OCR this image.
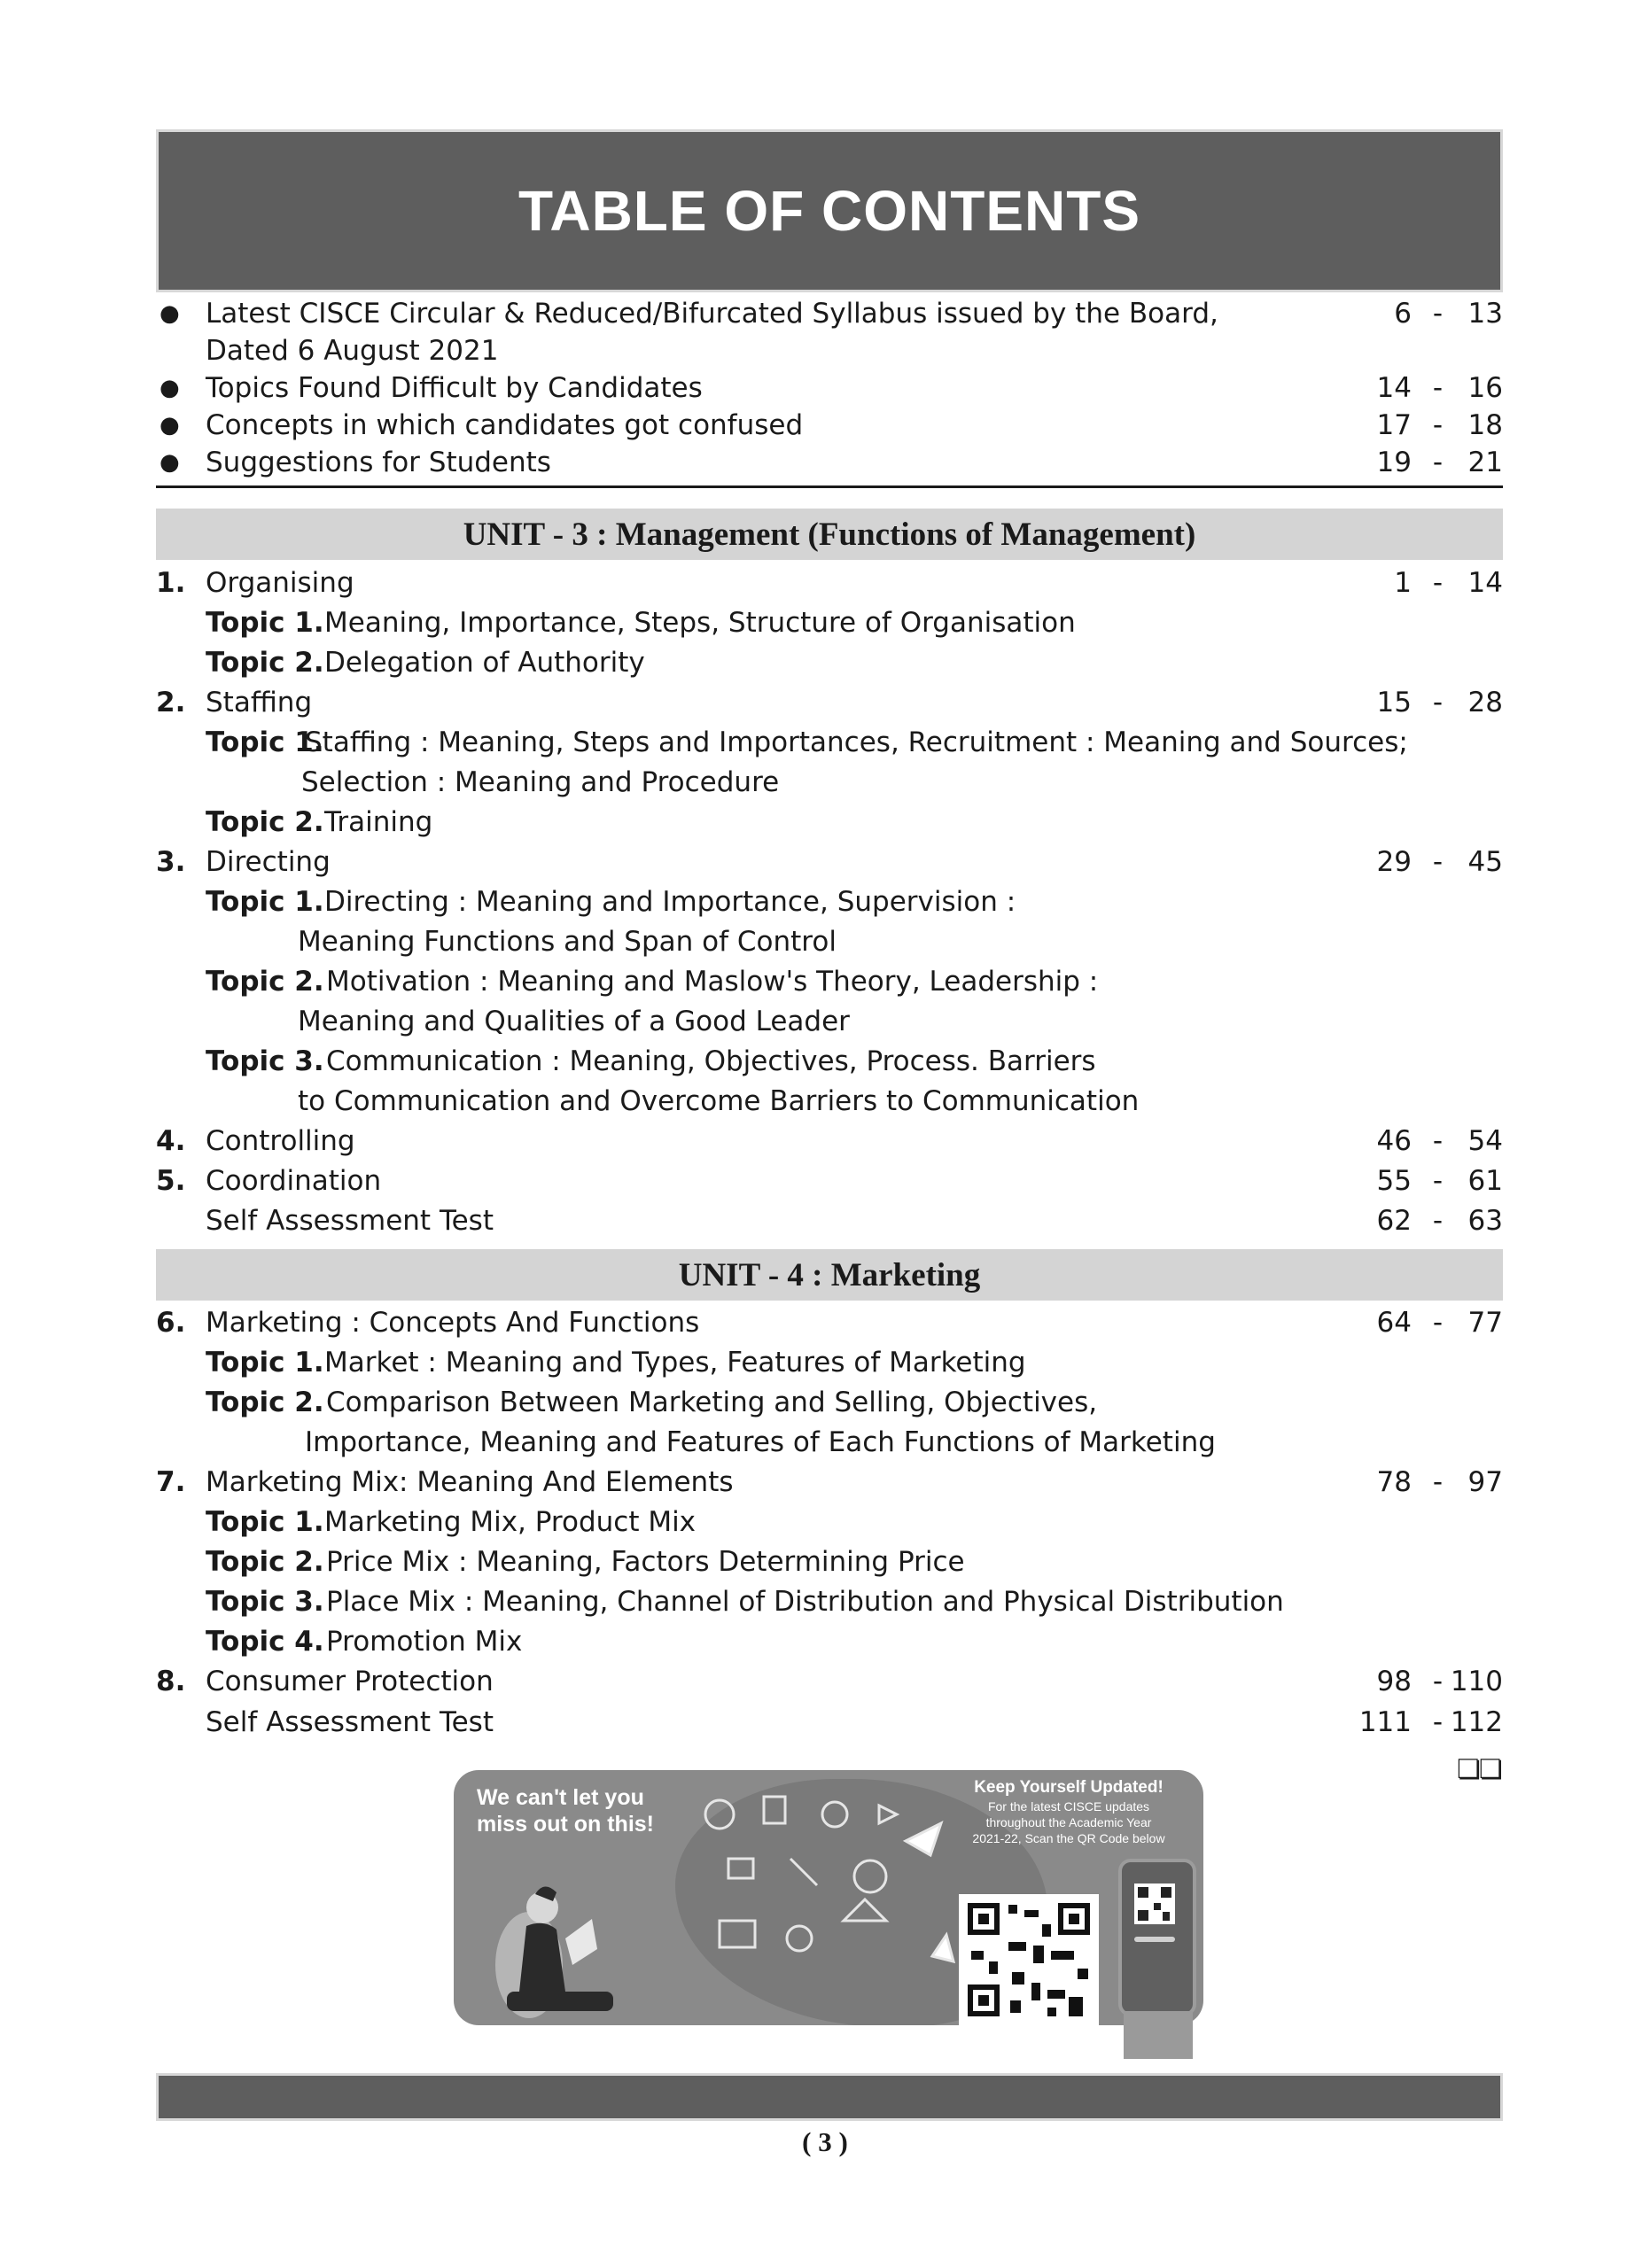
TABLE OF CONTENTS
● Latest CISCE Circular & Reduced/Bifurcated Syllabus issued by the Board,	6 - 13
Dated 6 August 2021
● Topics Found Difficult by Candidates	14 - 16
● Concepts in which candidates got confused	17 - 18
● Suggestions for Students	19 - 21
UNIT - 3 : Management (Functions of Management)
1. Organising	1 - 14
Topic 1. Meaning, Importance, Steps, Structure of Organisation
Topic 2. Delegation of Authority
2. Staffing	15 - 28
Topic 1.
Staffing : Meaning, Steps and Importances, Recruitment : Meaning and Sources;
Selection : Meaning and Procedure
Topic 2. Training
3. Directing	29 - 45
Topic 1. Directing : Meaning and Importance, Supervision :
Meaning Functions and Span of Control
Topic 2. Motivation : Meaning and Maslow's Theory, Leadership :
Meaning and Qualities of a Good Leader
Topic 3. Communication : Meaning, Objectives, Process. Barriers
to Communication and Overcome Barriers to Communication
4. Controlling	46 - 54
5. Coordination	55 - 61
Self Assessment Test	62 - 63
UNIT - 4 : Marketing
6. Marketing : Concepts And Functions	64 - 77
Topic 1. Market : Meaning and Types, Features of Marketing
Topic 2. Comparison Between Marketing and Selling, Objectives,
Importance, Meaning and Features of Each Functions of Marketing
7. Marketing Mix: Meaning And Elements	78 - 97
Topic 1. Marketing Mix, Product Mix
Topic 2. Price Mix : Meaning, Factors Determining Price
Topic 3. Place Mix : Meaning, Channel of Distribution and Physical Distribution
Topic 4. Promotion Mix
8. Consumer Protection	98 - 110
Self Assessment Test	111 - 112
❏❏
We can't let you
miss out on this!
Keep Yourself Updated!
For the latest CISCE updates
throughout the Academic Year
2021-22, Scan the QR Code below
( 3 )
